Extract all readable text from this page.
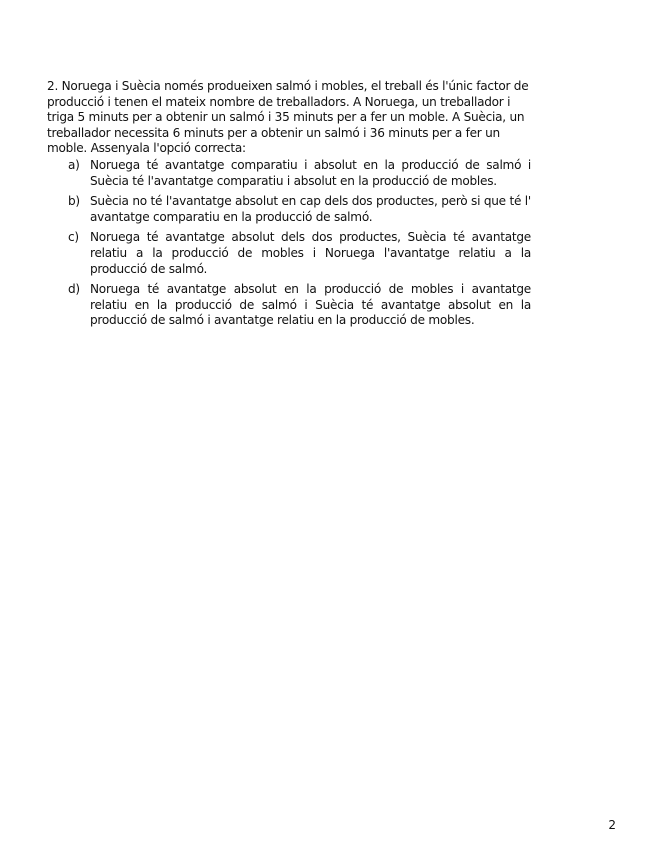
2. Noruega i Suècia només produeixen salmó i mobles, el treball és l'únic factor de producció i tenen el mateix nombre de treballadors. A Noruega, un treballador i triga 5 minuts per a obtenir un salmó i 35 minuts per a fer un moble. A Suècia, un treballador necessita 6 minuts per a obtenir un salmó i 36 minuts per a fer un moble. Assenyala l'opció correcta:

a) Noruega té avantatge comparatiu i absolut en la producció de salmó i Suècia té l'avantatge comparatiu i absolut en la producció de mobles.
b) Suècia no té l'avantatge absolut en cap dels dos productes, però si que té l' avantatge comparatiu en la producció de salmó.
c) Noruega té avantatge absolut dels dos productes, Suècia té avantatge relatiu a la producció de mobles i Noruega l'avantatge relatiu a la producció de salmó.
d) Noruega té avantatge absolut en la producció de mobles i avantatge relatiu en la producció de salmó i Suècia té avantatge absolut en la producció de salmó i avantatge relatiu en la producció de mobles.
2
